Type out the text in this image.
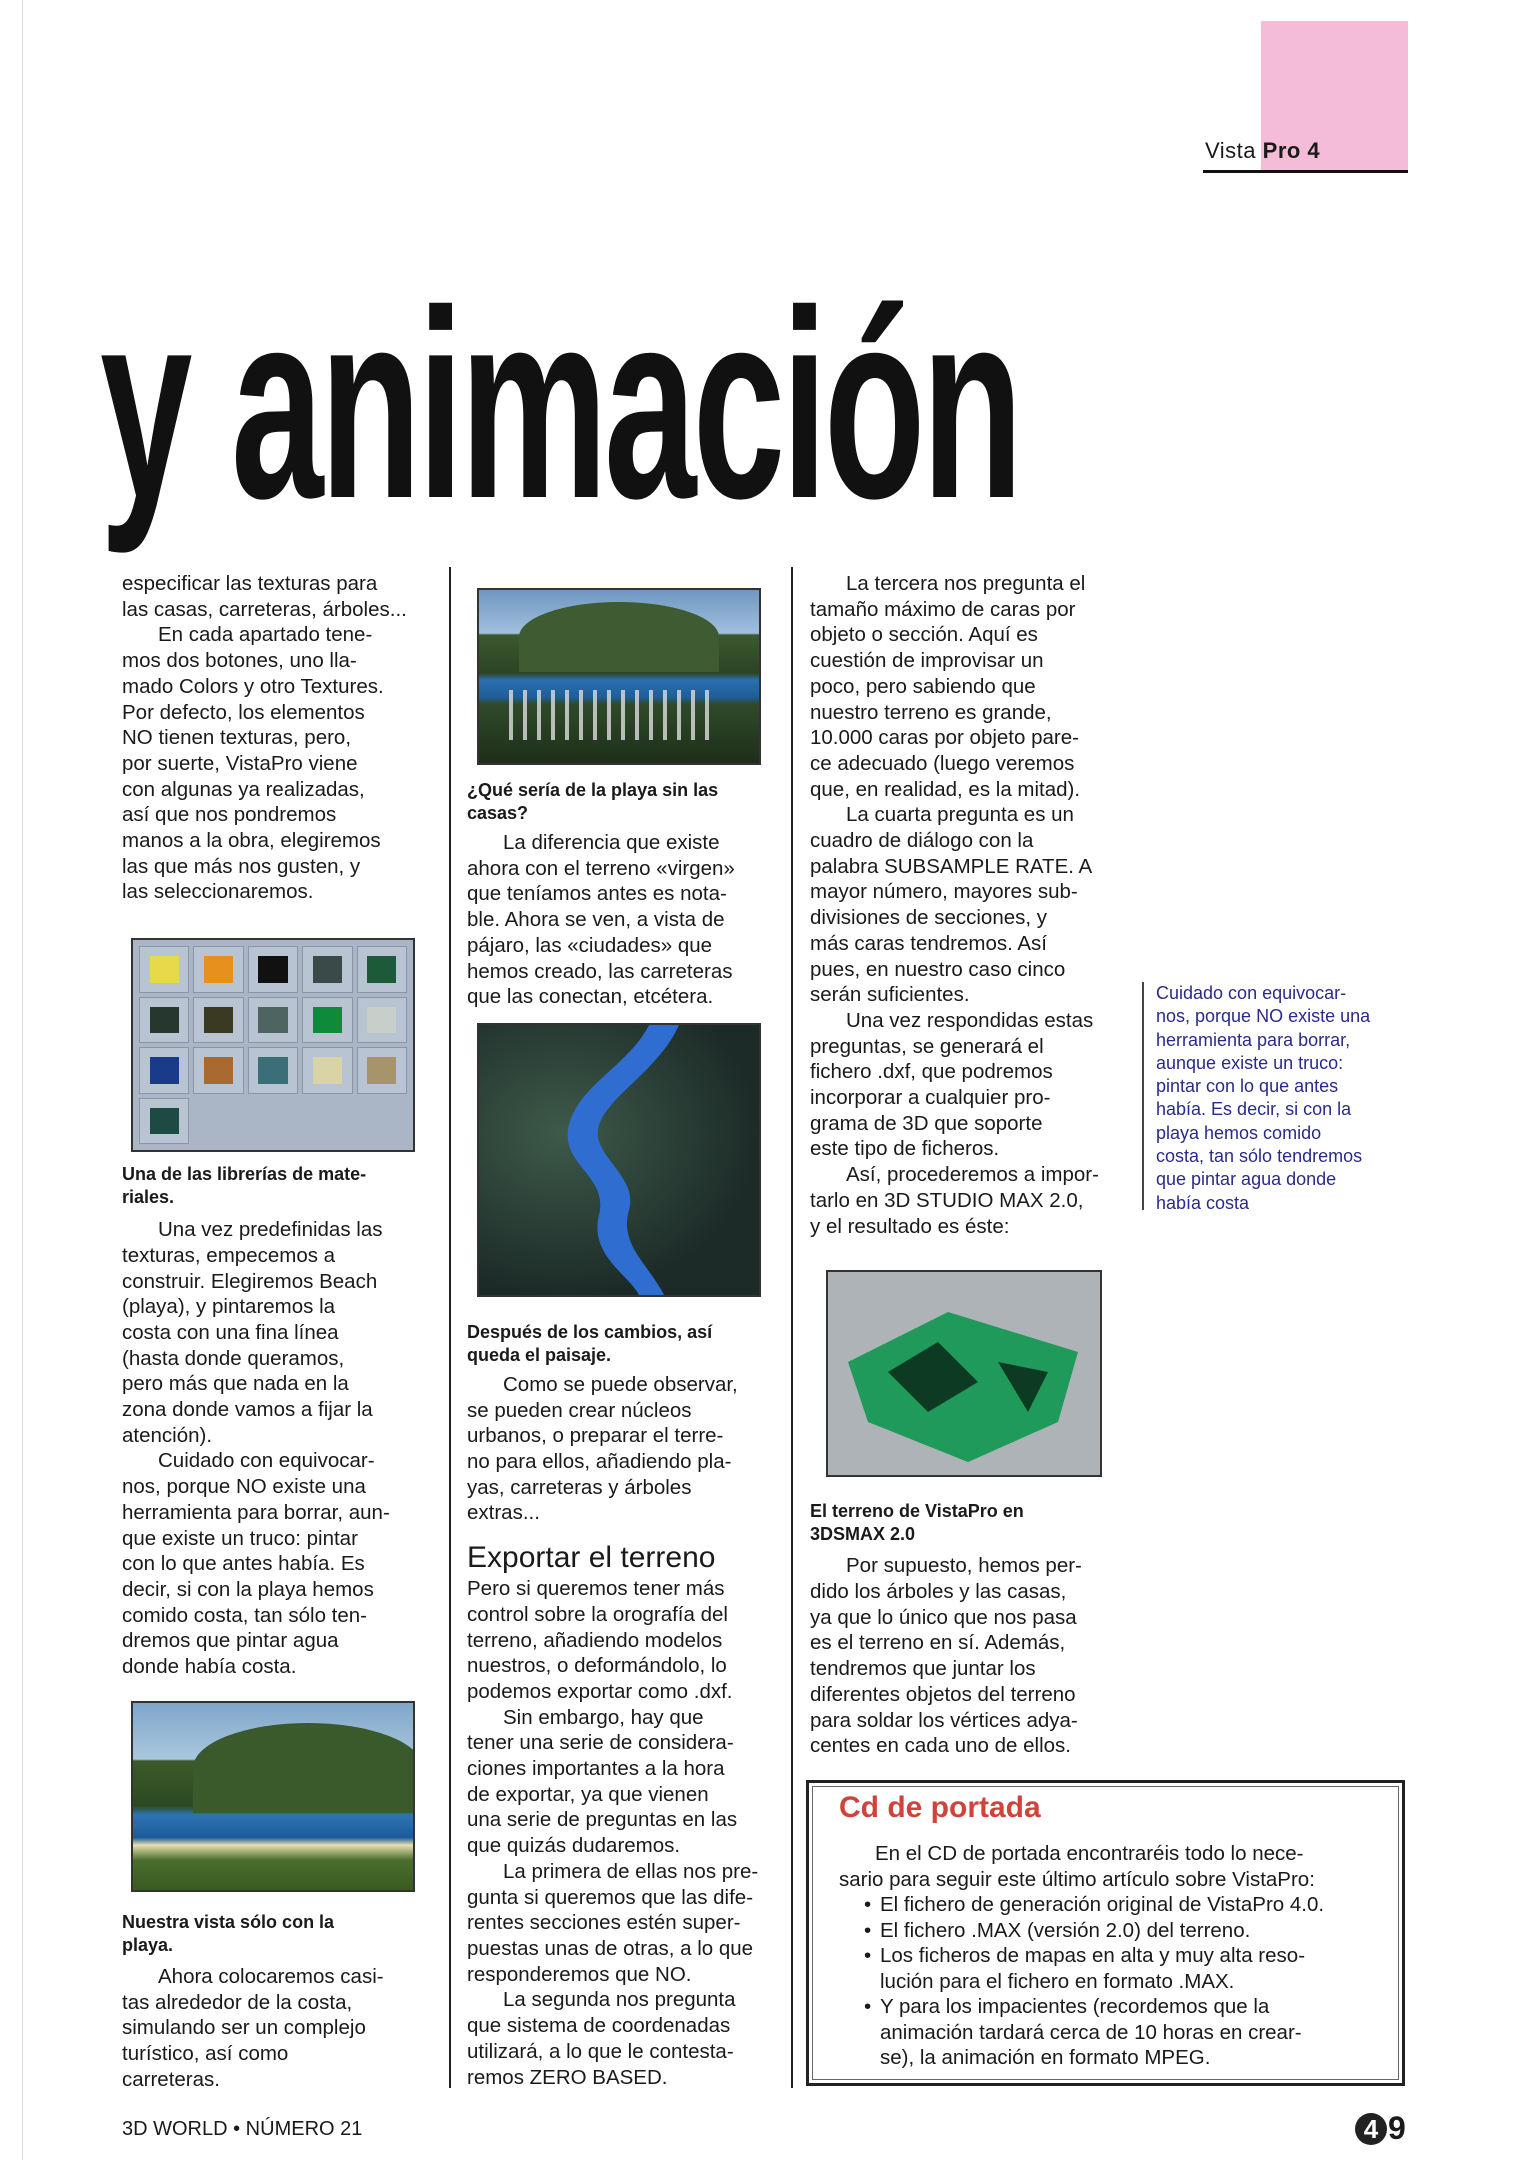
Vista Pro 4
y animación

especificar las texturas para
las casas, carreteras, árboles...

En cada apartado tene-
mos dos botones, uno lla-
mado Colors y otro Textures.
Por defecto, los elementos
NO tienen texturas, pero,
por suerte, VistaPro viene
con algunas ya realizadas,
así que nos pondremos
manos a la obra, elegiremos
las que más nos gusten, y
las seleccionaremos.

Una de las librerías de mate-
riales.

Una vez predefinidas las
texturas, empecemos a
construir. Elegiremos Beach
(playa), y pintaremos la
costa con una fina línea
(hasta donde queramos,
pero más que nada en la
zona donde vamos a fijar la
atención).

Cuidado con equivocar-
nos, porque NO existe una
herramienta para borrar, aun-
que existe un truco: pintar
con lo que antes había. Es
decir, si con la playa hemos
comido costa, tan sólo ten-
dremos que pintar agua
donde había costa.

Nuestra vista sólo con la
playa.

Ahora colocaremos casi-
tas alrededor de la costa,
simulando ser un complejo
turístico, así como
carreteras.

¿Qué sería de la playa sin las
casas?

La diferencia que existe
ahora con el terreno «virgen»
que teníamos antes es nota-
ble. Ahora se ven, a vista de
pájaro, las «ciudades» que
hemos creado, las carreteras
que las conectan, etcétera.

Después de los cambios, así
queda el paisaje.

Como se puede observar,
se pueden crear núcleos
urbanos, o preparar el terre-
no para ellos, añadiendo pla-
yas, carreteras y árboles
extras...

Exportar el terreno

Pero si queremos tener más
control sobre la orografía del
terreno, añadiendo modelos
nuestros, o deformándolo, lo
podemos exportar como .dxf.

Sin embargo, hay que
tener una serie de considera-
ciones importantes a la hora
de exportar, ya que vienen
una serie de preguntas en las
que quizás dudaremos.

La primera de ellas nos pre-
gunta si queremos que las dife-
rentes secciones estén super-
puestas unas de otras, a lo que
responderemos que NO.

La segunda nos pregunta
que sistema de coordenadas
utilizará, a lo que le contesta-
remos ZERO BASED.

La tercera nos pregunta el
tamaño máximo de caras por
objeto o sección. Aquí es
cuestión de improvisar un
poco, pero sabiendo que
nuestro terreno es grande,
10.000 caras por objeto pare-
ce adecuado (luego veremos
que, en realidad, es la mitad).

La cuarta pregunta es un
cuadro de diálogo con la
palabra SUBSAMPLE RATE. A
mayor número, mayores sub-
divisiones de secciones, y
más caras tendremos. Así
pues, en nuestro caso cinco
serán suficientes.

Una vez respondidas estas
preguntas, se generará el
fichero .dxf, que podremos
incorporar a cualquier pro-
grama de 3D que soporte
este tipo de ficheros.

Así, procederemos a impor-
tarlo en 3D STUDIO MAX 2.0,
y el resultado es éste:

El terreno de VistaPro en
3DSMAX 2.0

Por supuesto, hemos per-
dido los árboles y las casas,
ya que lo único que nos pasa
es el terreno en sí. Además,
tendremos que juntar los
diferentes objetos del terreno
para soldar los vértices adya-
centes en cada uno de ellos.

Cuidado con equivocar-
nos, porque NO existe una
herramienta para borrar,
aunque existe un truco:
pintar con lo que antes
había. Es decir, si con la
playa hemos comido
costa, tan sólo tendremos
que pintar agua donde
había costa
Cd de portada
En el CD de portada encontraréis todo lo nece-
sario para seguir este último artículo sobre VistaPro:
• El fichero de generación original de VistaPro 4.0.
• El fichero .MAX (versión 2.0) del terreno.
• Los ficheros de mapas en alta y muy alta reso-
lución para el fichero en formato .MAX.
• Y para los impacientes (recordemos que la
animación tardará cerca de 10 horas en crear-
se), la animación en formato MPEG.
3D WORLD • NÚMERO 21	4 9
